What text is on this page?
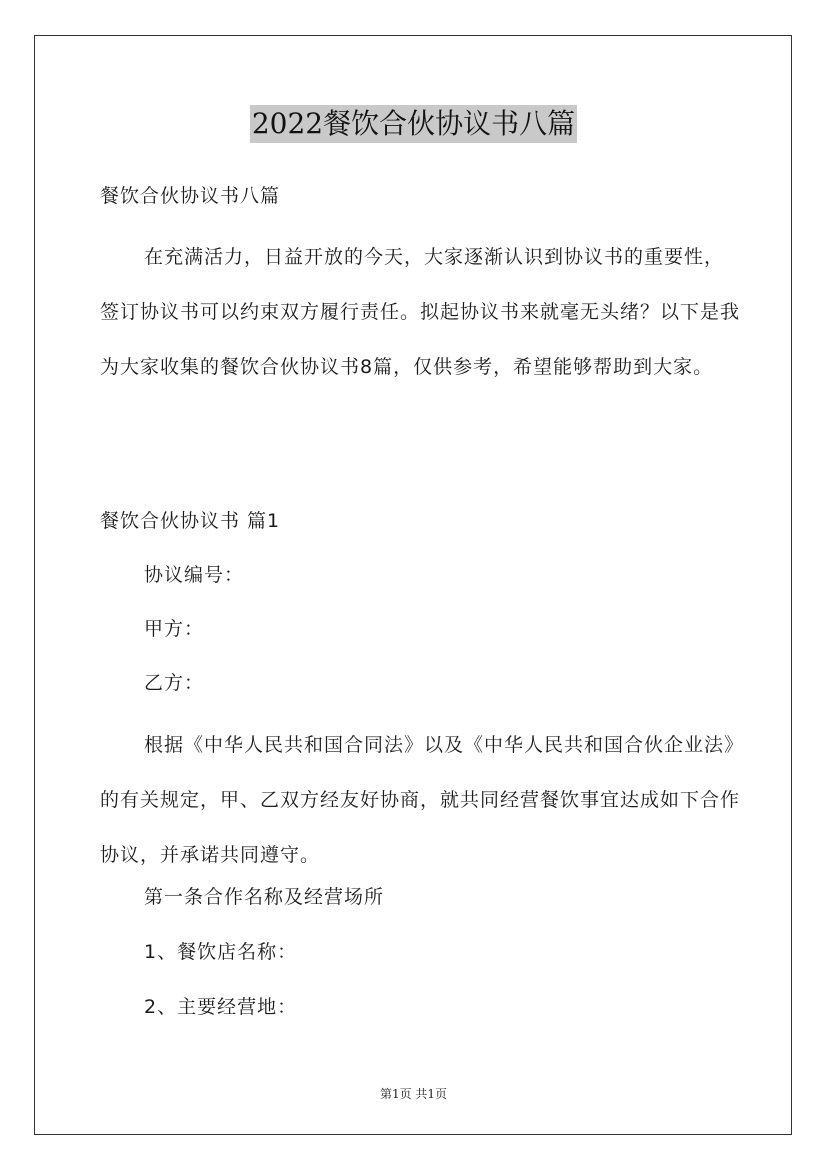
2022餐饮合伙协议书八篇

餐饮合伙协议书八篇

在充满活力，日益开放的今天，大家逐渐认识到协议书的重要性，签订协议书可以约束双方履行责任。拟起协议书来就毫无头绪？以下是我为大家收集的餐饮合伙协议书8篇，仅供参考，希望能够帮助到大家。

餐饮合伙协议书 篇1

协议编号：

甲方：

乙方：

根据《中华人民共和国合同法》以及《中华人民共和国合伙企业法》的有关规定，甲、乙双方经友好协商，就共同经营餐饮事宜达成如下合作协议，并承诺共同遵守。

第一条合作名称及经营场所

1、餐饮店名称：

2、主要经营地：

第1页 共1页
